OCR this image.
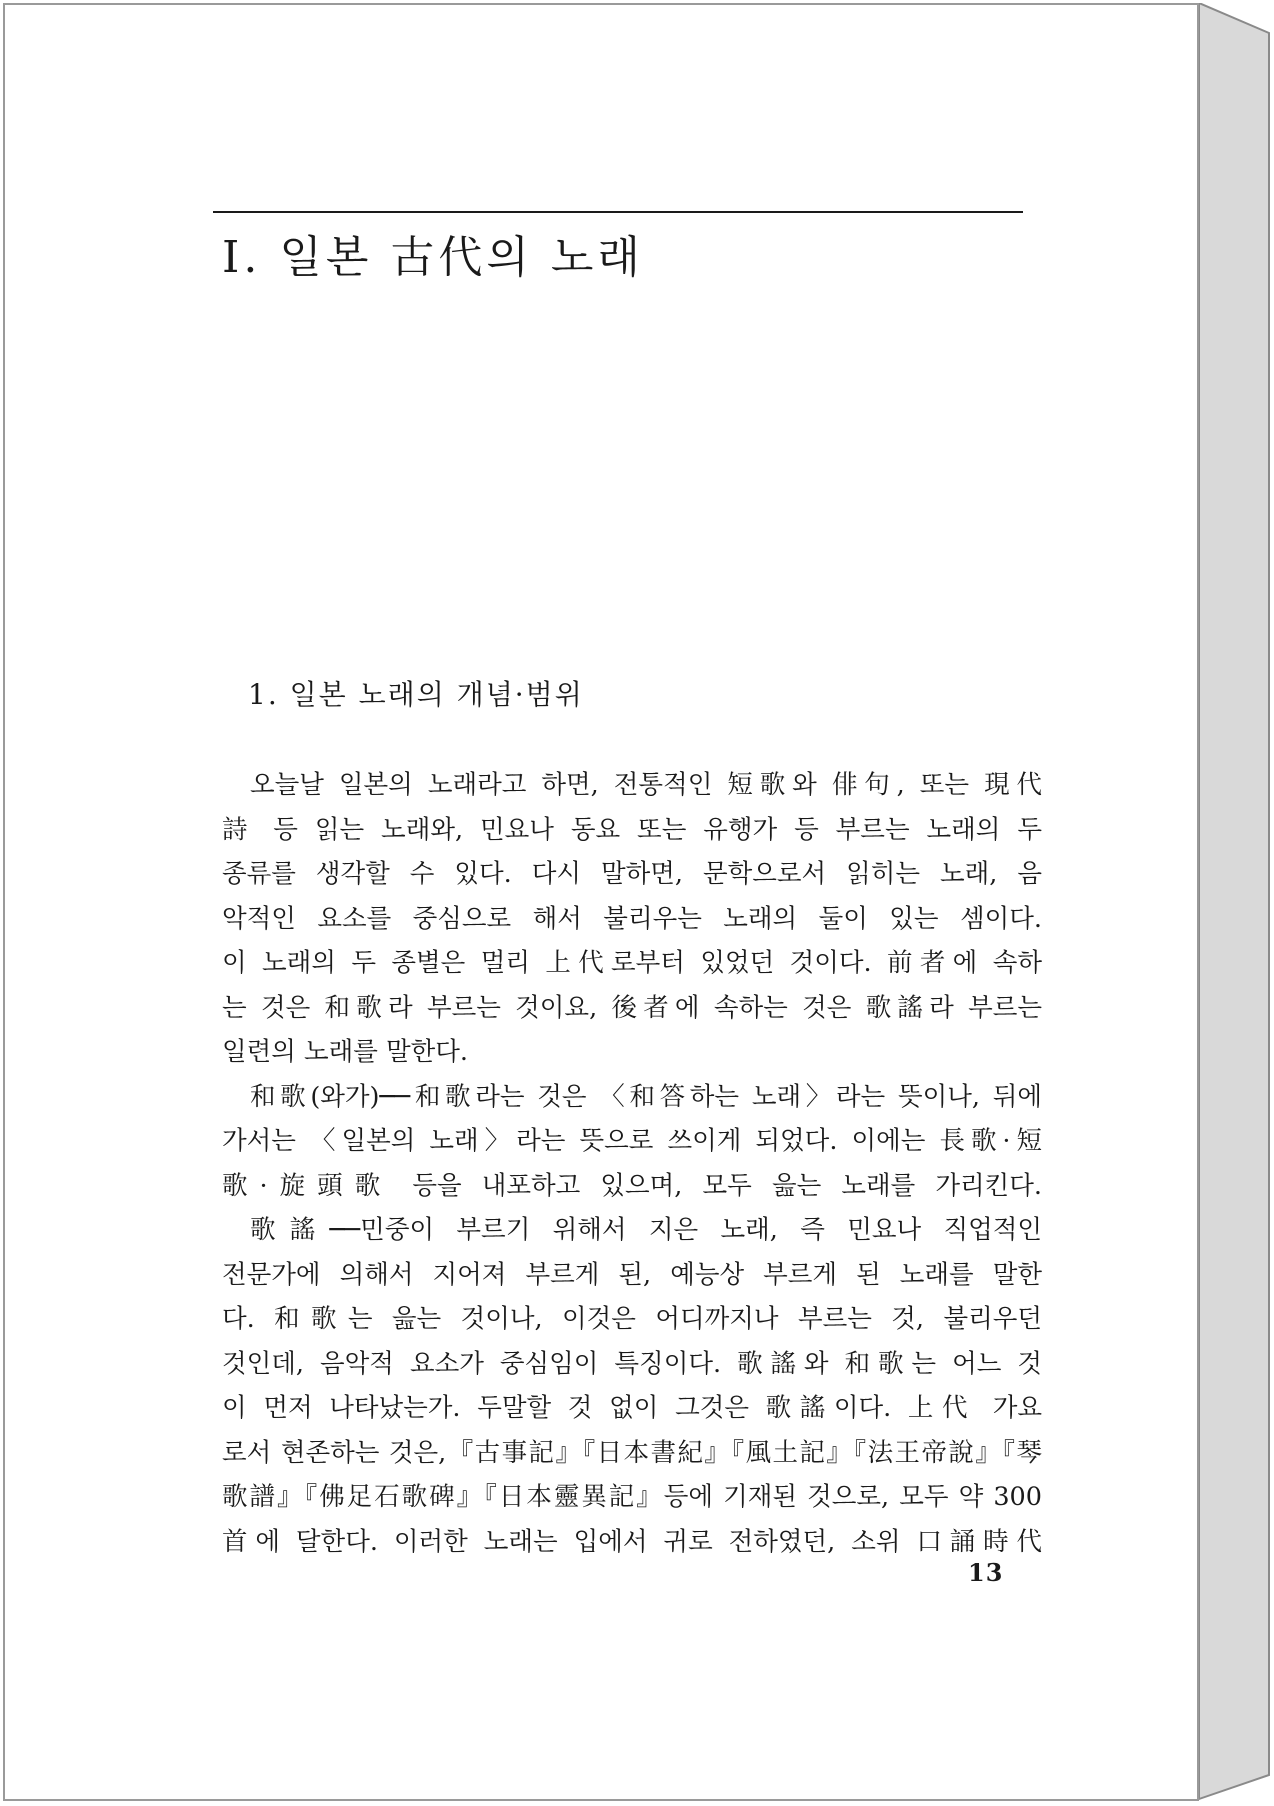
I. 일본 古代의 노래
1. 일본 노래의 개념·범위
오늘날 일본의 노래라고 하면, 전통적인 短歌와 俳句, 또는 現代
詩 등 읽는 노래와, 민요나 동요 또는 유행가 등 부르는 노래의 두
종류를 생각할 수 있다. 다시 말하면, 문학으로서 읽히는 노래, 음
악적인 요소를 중심으로 해서 불리우는 노래의 둘이 있는 셈이다.
이 노래의 두 종별은 멀리 上代로부터 있었던 것이다. 前者에 속하
는 것은 和歌라 부르는 것이요, 後者에 속하는 것은 歌謠라 부르는
일련의 노래를 말한다.
和歌(와가)──和歌라는 것은 〈和答하는 노래〉라는 뜻이나, 뒤에
가서는 〈일본의 노래〉라는 뜻으로 쓰이게 되었다. 이에는 長歌·短
歌·旋頭歌 등을 내포하고 있으며, 모두 읊는 노래를 가리킨다.
歌謠──민중이 부르기 위해서 지은 노래, 즉 민요나 직업적인
전문가에 의해서 지어져 부르게 된, 예능상 부르게 된 노래를 말한
다. 和歌는 읊는 것이나, 이것은 어디까지나 부르는 것, 불리우던
것인데, 음악적 요소가 중심임이 특징이다. 歌謠와 和歌는 어느 것
이 먼저 나타났는가. 두말할 것 없이 그것은 歌謠이다. 上代 가요
로서 현존하는 것은,『古事記』『日本書紀』『風土記』『法王帝說』『琴
歌譜』『佛足石歌碑』『日本靈異記』등에 기재된 것으로, 모두 약 300
首에 달한다. 이러한 노래는 입에서 귀로 전하였던, 소위 口誦時代
13
